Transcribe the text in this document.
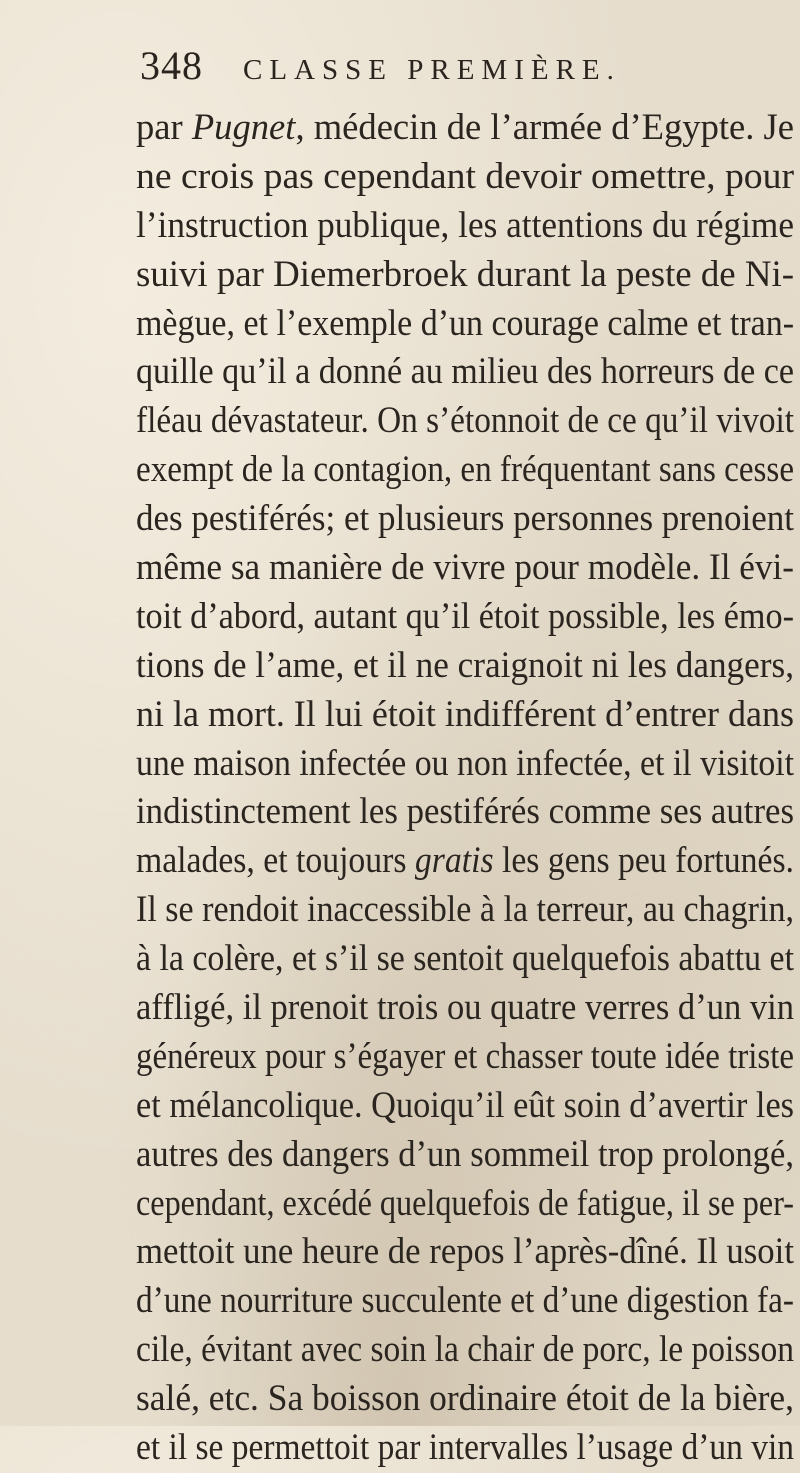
348 CLASSE PREMIÈRE.
par Pugnet, médecin de l’armée d’Egypte. Je
ne crois pas cependant devoir omettre, pour
l’instruction publique, les attentions du régime
suivi par Diemerbroek durant la peste de Ni-
mègue, et l’exemple d’un courage calme et tran-
quille qu’il a donné au milieu des horreurs de ce
fléau dévastateur. On s’étonnoit de ce qu’il vivoit
exempt de la contagion, en fréquentant sans cesse
des pestiférés; et plusieurs personnes prenoient
même sa manière de vivre pour modèle. Il évi-
toit d’abord, autant qu’il étoit possible, les émo-
tions de l’ame, et il ne craignoit ni les dangers,
ni la mort. Il lui étoit indifférent d’entrer dans
une maison infectée ou non infectée, et il visitoit
indistinctement les pestiférés comme ses autres
malades, et toujours gratis les gens peu fortunés.
Il se rendoit inaccessible à la terreur, au chagrin,
à la colère, et s’il se sentoit quelquefois abattu et
affligé, il prenoit trois ou quatre verres d’un vin
généreux pour s’égayer et chasser toute idée triste
et mélancolique. Quoiqu’il eût soin d’avertir les
autres des dangers d’un sommeil trop prolongé,
cependant, excédé quelquefois de fatigue, il se per-
mettoit une heure de repos l’après-dîné. Il usoit
d’une nourriture succulente et d’une digestion fa-
cile, évitant avec soin la chair de porc, le poisson
salé, etc. Sa boisson ordinaire étoit de la bière,
et il se permettoit par intervalles l’usage d’un vin
